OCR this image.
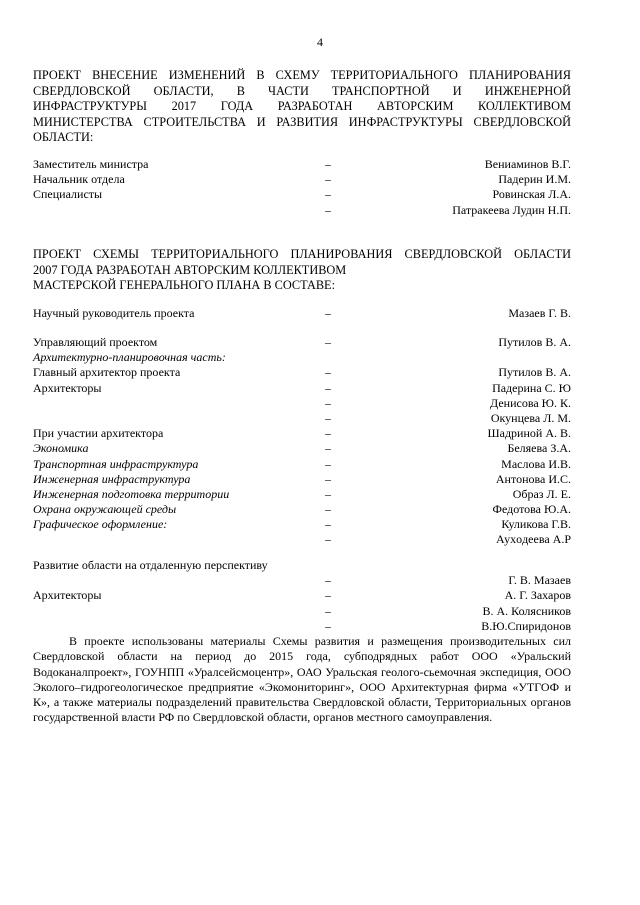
4

ПРОЕКТ ВНЕСЕНИЕ ИЗМЕНЕНИЙ В СХЕМУ ТЕРРИТОРИАЛЬНОГО ПЛАНИРОВАНИЯ

СВЕРДЛОВСКОЙ ОБЛАСТИ, В ЧАСТИ ТРАНСПОРТНОЙ И ИНЖЕНЕРНОЙ

ИНФРАСТРУКТУРЫ 2017 ГОДА РАЗРАБОТАН АВТОРСКИМ КОЛЛЕКТИВОМ

МИНИСТЕРСТВА СТРОИТЕЛЬСТВА И РАЗВИТИЯ ИНФРАСТРУКТУРЫ СВЕРДЛОВСКОЙ

ОБЛАСТИ:

Заместитель министра	–	Вениаминов В.Г.
Начальник отдела	–	Падерин И.М.
Специалисты	–	Ровинская Л.А.
–	Патракеева Лудин Н.П.

ПРОЕКТ СХЕМЫ ТЕРРИТОРИАЛЬНОГО ПЛАНИРОВАНИЯ СВЕРДЛОВСКОЙ ОБЛАСТИ

2007 ГОДА РАЗРАБОТАН АВТОРСКИМ КОЛЛЕКТИВОМ

МАСТЕРСКОЙ ГЕНЕРАЛЬНОГО ПЛАНА В СОСТАВЕ:

Научный руководитель проекта	–	Мазаев Г. В.
Управляющий проектом	–	Путилов В. А.
Архитектурно-планировочная часть:
Главный архитектор проекта	–	Путилов В. А.
Архитекторы	–	Падерина С. Ю
–	Денисова Ю. К.
–	Окунцева Л. М.
При участии архитектора	–	Шадриной А. В.
Экономика	–	Беляева З.А.
Транспортная инфраструктура	–	Маслова И.В.
Инженерная инфраструктура	–	Антонова И.С.
Инженерная подготовка территории	–	Образ Л. Е.
Охрана окружающей среды	–	Федотова Ю.А.
Графическое оформление:	–	Куликова Г.В.
–	Аухoдеева А.Р
Развитие области на отдаленную перспективу
–	Г. В. Мазаев
Архитекторы	–	А. Г. Захаров
–	В. А. Колясников
–	В.Ю.Спиридонов

В проекте использованы материалы Схемы развития и размещения производительных сил Свердловской области на период до 2015 года, субподрядных работ ООО «Уральский Водоканалпроект», ГОУНПП «Уралсейсмоцентр», ОАО Уральская геолого-сьемочная экспедиция, ООО Эколого–гидрогеологическое предприятие «Экомониторинг», ООО Архитектурная фирма «УТГОФ и К», а также материалы подразделений правительства Свердловской области, Территориальных органов государственной власти РФ по Свердловской области, органов местного самоуправления.
